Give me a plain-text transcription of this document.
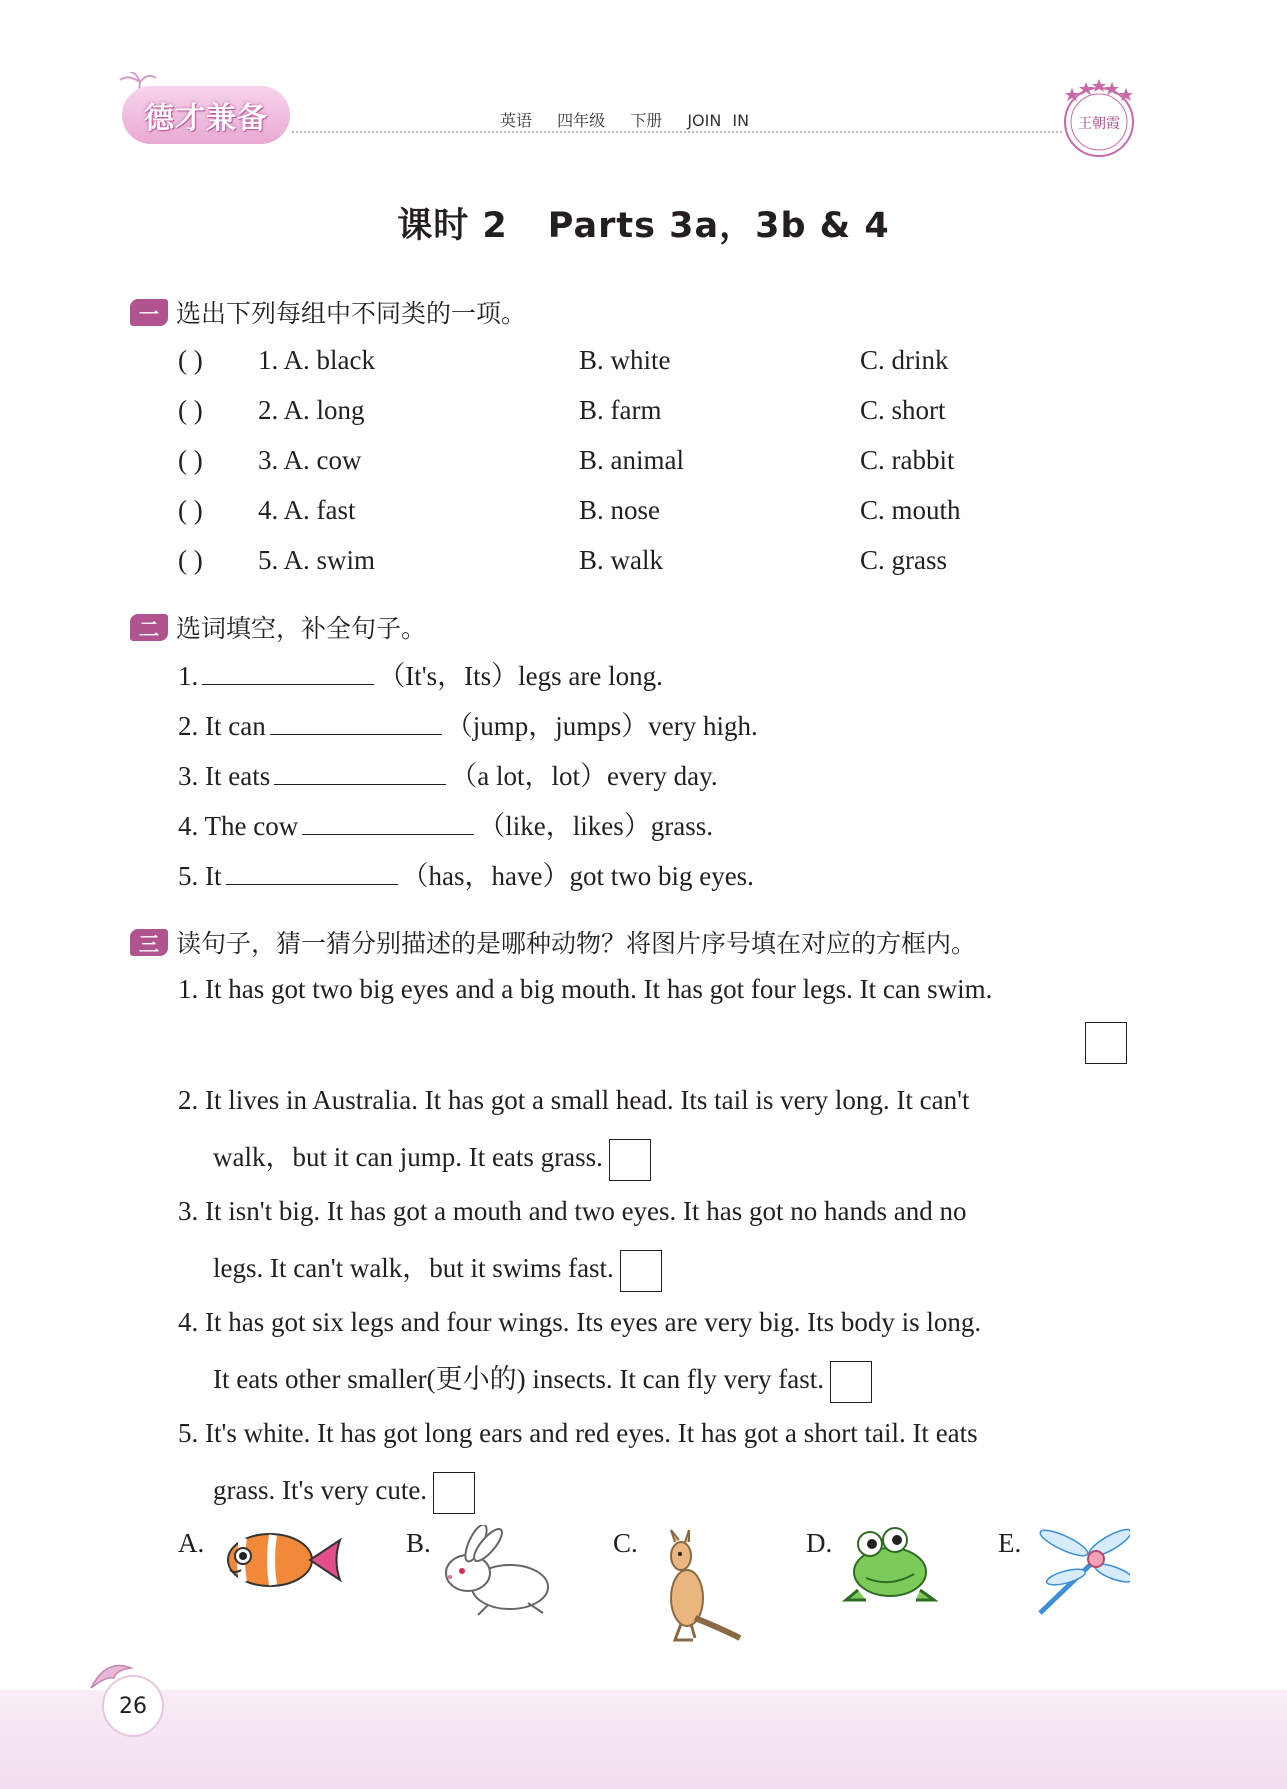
德才兼备	英语 四年级 下册 JOIN IN	王朝霞
课时 2 Parts 3a，3b & 4
一 选出下列每组中不同类的一项。
( ) 1. A. black	B. white	C. drink
( ) 2. A. long	B. farm	C. short
( ) 3. A. cow	B. animal	C. rabbit
( ) 4. A. fast	B. nose	C. mouth
( ) 5. A. swim	B. walk	C. grass
二 选词填空，补全句子。
1.	（It's，Its）legs are long.
2. It can	（jump，jumps）very high.
3. It eats	（a lot，lot）every day.
4. The cow	（like，likes）grass.
5. It	（has，have）got two big eyes.
三 读句子，猜一猜分别描述的是哪种动物？将图片序号填在对应的方框内。
1. It has got two big eyes and a big mouth. It has got four legs. It can swim.
2. It lives in Australia. It has got a small head. Its tail is very long. It can't
walk，but it can jump. It eats grass.
3. It isn't big. It has got a mouth and two eyes. It has got no hands and no
legs. It can't walk，but it swims fast.
4. It has got six legs and four wings. Its eyes are very big. Its body is long.
It eats other smaller(更小的) insects. It can fly very fast.
5. It's white. It has got long ears and red eyes. It has got a short tail. It eats
grass. It's very cute.
A.	B.	C.	D.	E.
26
